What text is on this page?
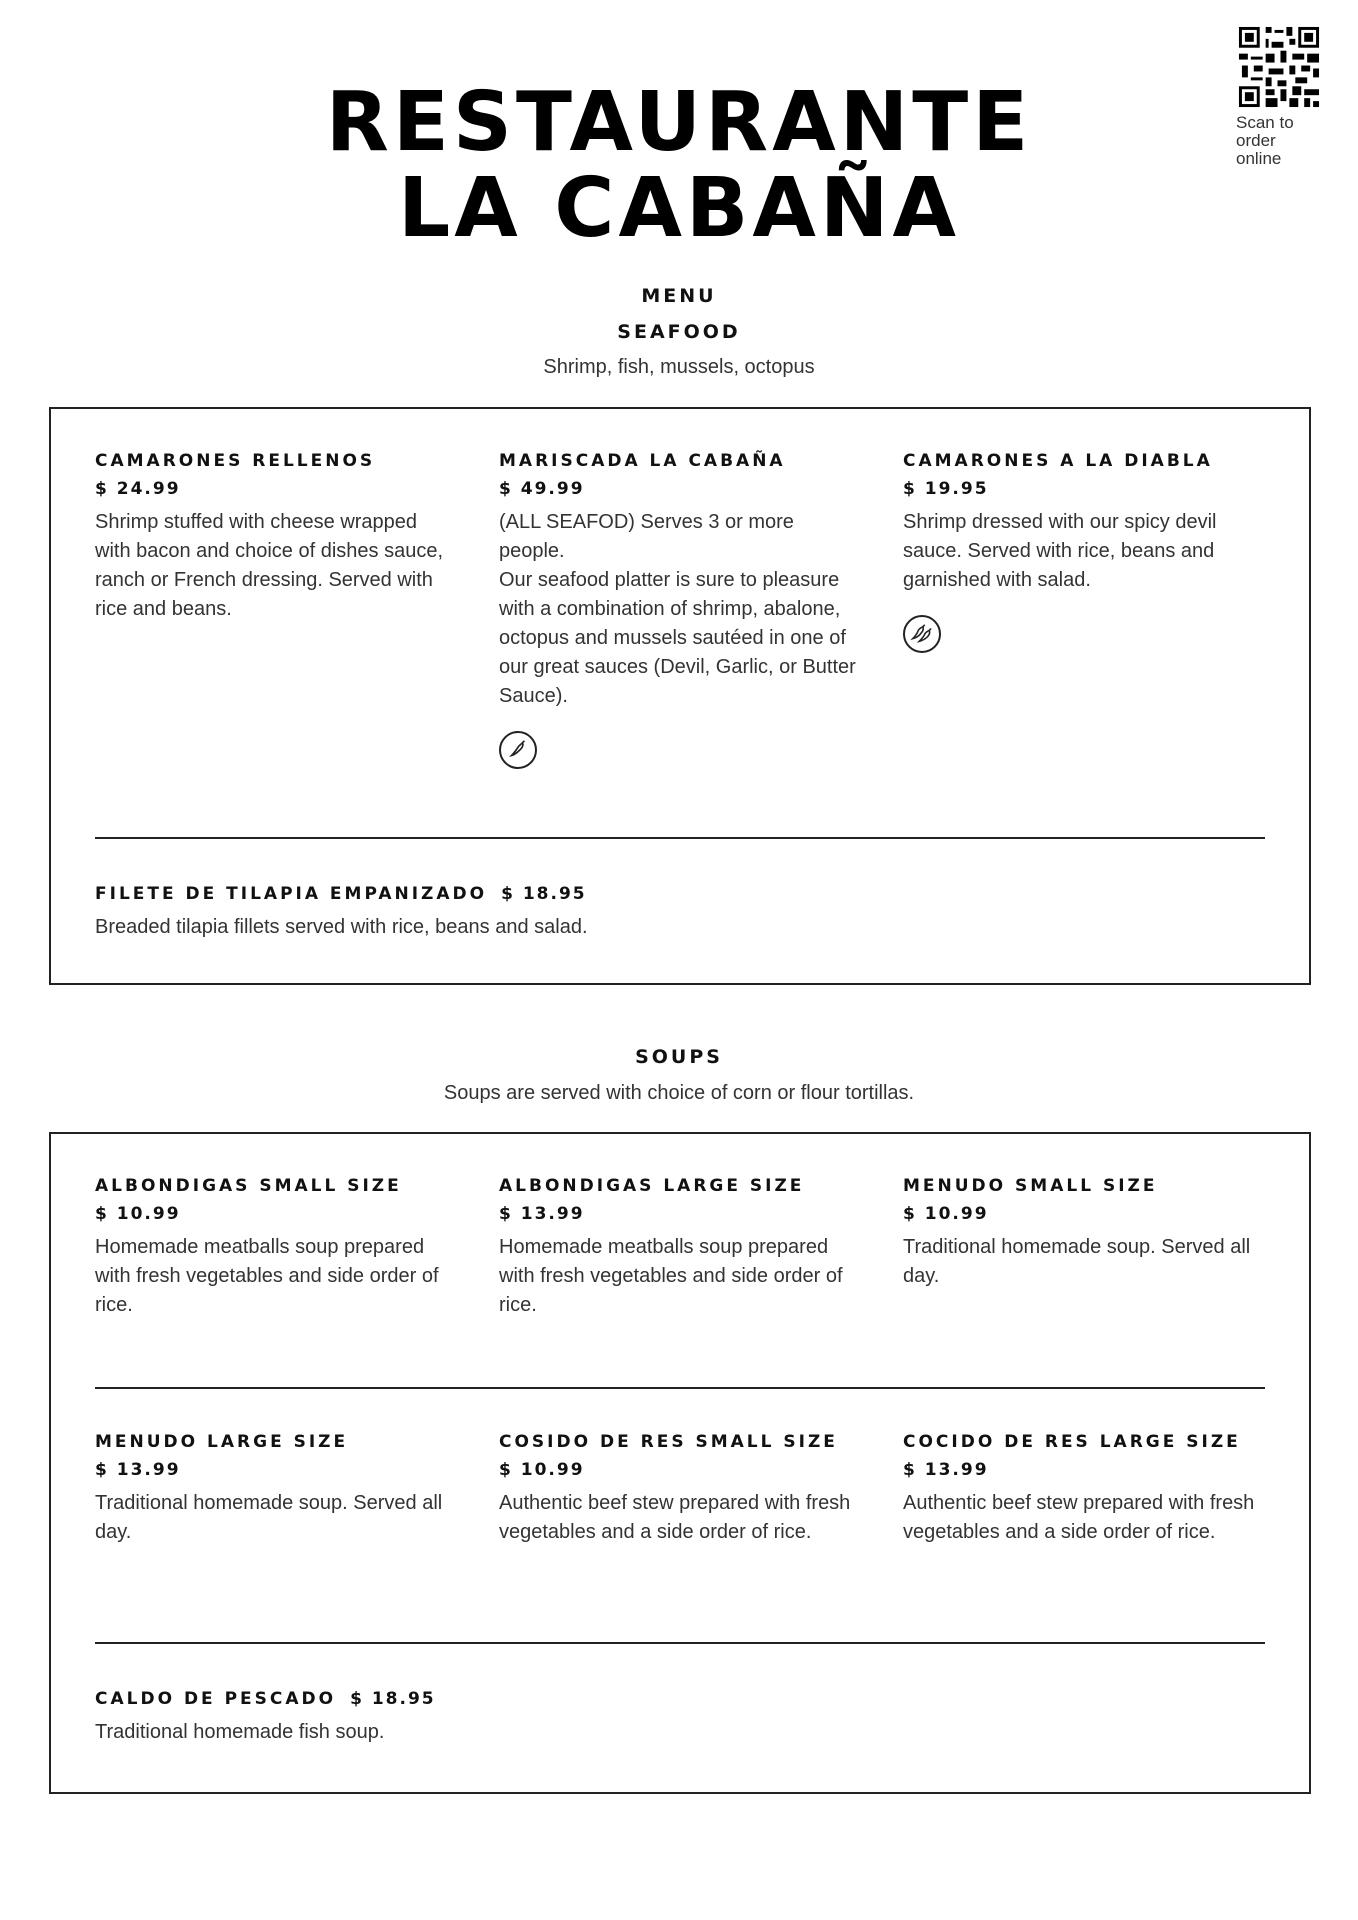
RESTAURANTE
LA CABAÑA
Scan to
order
online
MENU
SEAFOOD
Shrimp, fish, mussels, octopus
CAMARONES RELLENOS
$ 24.99
Shrimp stuffed with cheese wrapped with bacon and choice of dishes sauce, ranch or French dressing. Served with rice and beans.
MARISCADA LA CABAÑA
$ 49.99
(ALL SEAFOD) Serves 3 or more people.
Our seafood platter is sure to pleasure with a combination of shrimp, abalone, octopus and mussels sautéed in one of our great sauces (Devil, Garlic, or Butter Sauce).
CAMARONES A LA DIABLA
$ 19.95
Shrimp dressed with our spicy devil sauce. Served with rice, beans and garnished with salad.
FILETE DE TILAPIA EMPANIZADO $ 18.95
Breaded tilapia fillets served with rice, beans and salad.
SOUPS
Soups are served with choice of corn or flour tortillas.
ALBONDIGAS SMALL SIZE
$ 10.99
Homemade meatballs soup prepared with fresh vegetables and side order of rice.
ALBONDIGAS LARGE SIZE
$ 13.99
Homemade meatballs soup prepared with fresh vegetables and side order of rice.
MENUDO SMALL SIZE
$ 10.99
Traditional homemade soup. Served all day.
MENUDO LARGE SIZE
$ 13.99
Traditional homemade soup. Served all day.
COSIDO DE RES SMALL SIZE
$ 10.99
Authentic beef stew prepared with fresh vegetables and a side order of rice.
COCIDO DE RES LARGE SIZE
$ 13.99
Authentic beef stew prepared with fresh vegetables and a side order of rice.
CALDO DE PESCADO $ 18.95
Traditional homemade fish soup.
